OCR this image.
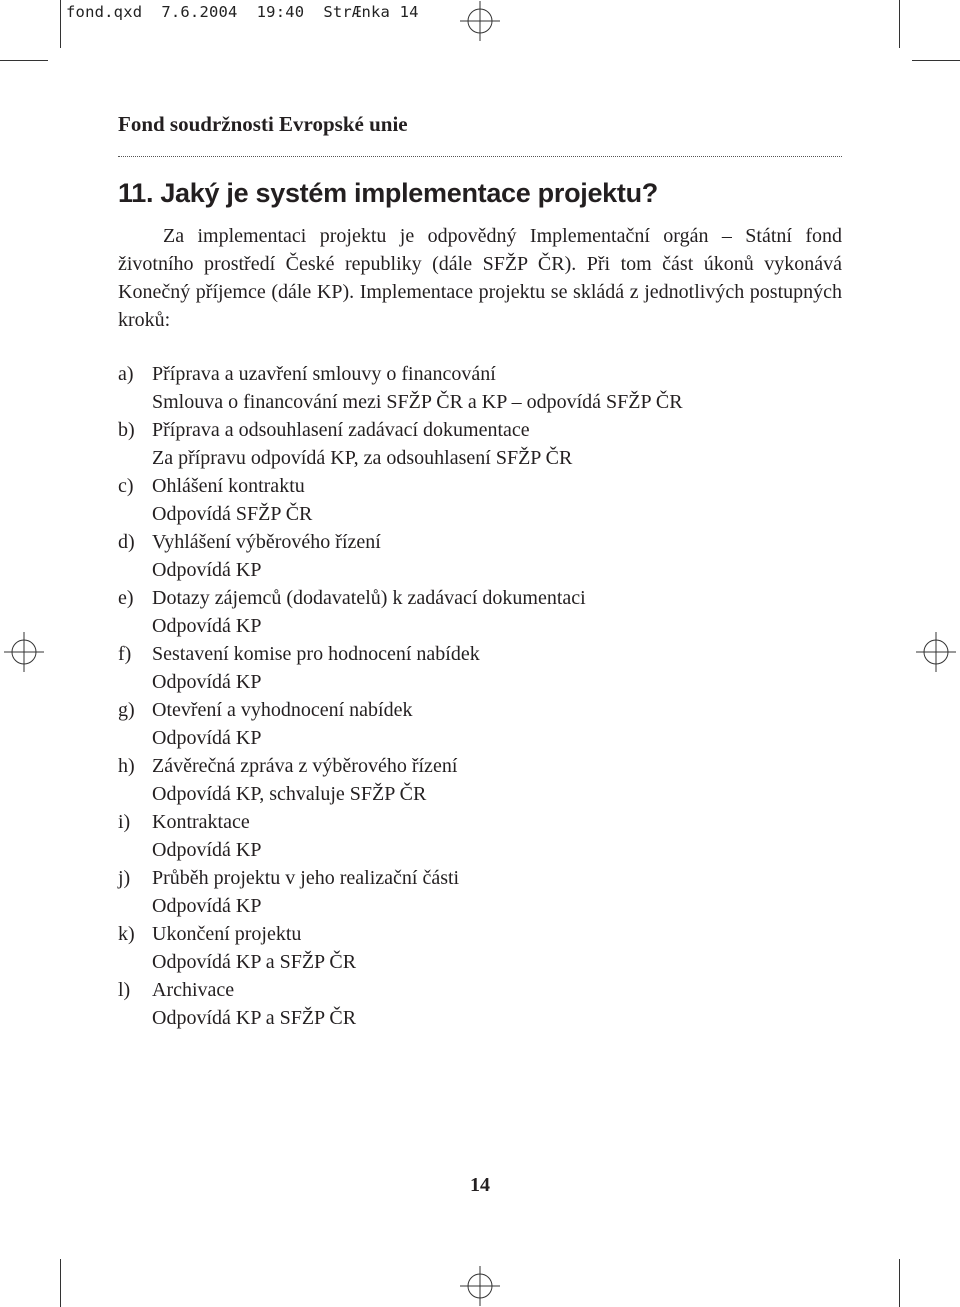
fond.qxd  7.6.2004  19:40  StrÆnka 14
Fond soudržnosti Evropské unie
11. Jaký je systém implementace projektu?

Za implementaci projektu je odpovědný Implementační orgán – Státní fond životního prostředí České republiky (dále SFŽP ČR). Při tom část úkonů vykonává Konečný příjemce (dále KP). Implementace projektu se skládá z jednotlivých postupných kroků:

a) Příprava a uzavření smlouvy o financování
Smlouva o financování mezi SFŽP ČR a KP – odpovídá SFŽP ČR
b) Příprava a odsouhlasení zadávací dokumentace
Za přípravu odpovídá KP, za odsouhlasení SFŽP ČR
c) Ohlášení kontraktu
Odpovídá SFŽP ČR
d) Vyhlášení výběrového řízení
Odpovídá KP
e) Dotazy zájemců (dodavatelů) k zadávací dokumentaci
Odpovídá KP
f) Sestavení komise pro hodnocení nabídek
Odpovídá KP
g) Otevření a vyhodnocení nabídek
Odpovídá KP
h) Závěrečná zpráva z výběrového řízení
Odpovídá KP, schvaluje SFŽP ČR
i) Kontraktace
Odpovídá KP
j) Průběh projektu v jeho realizační části
Odpovídá KP
k) Ukončení projektu
Odpovídá KP a SFŽP ČR
l) Archivace
Odpovídá KP a SFŽP ČR
14
